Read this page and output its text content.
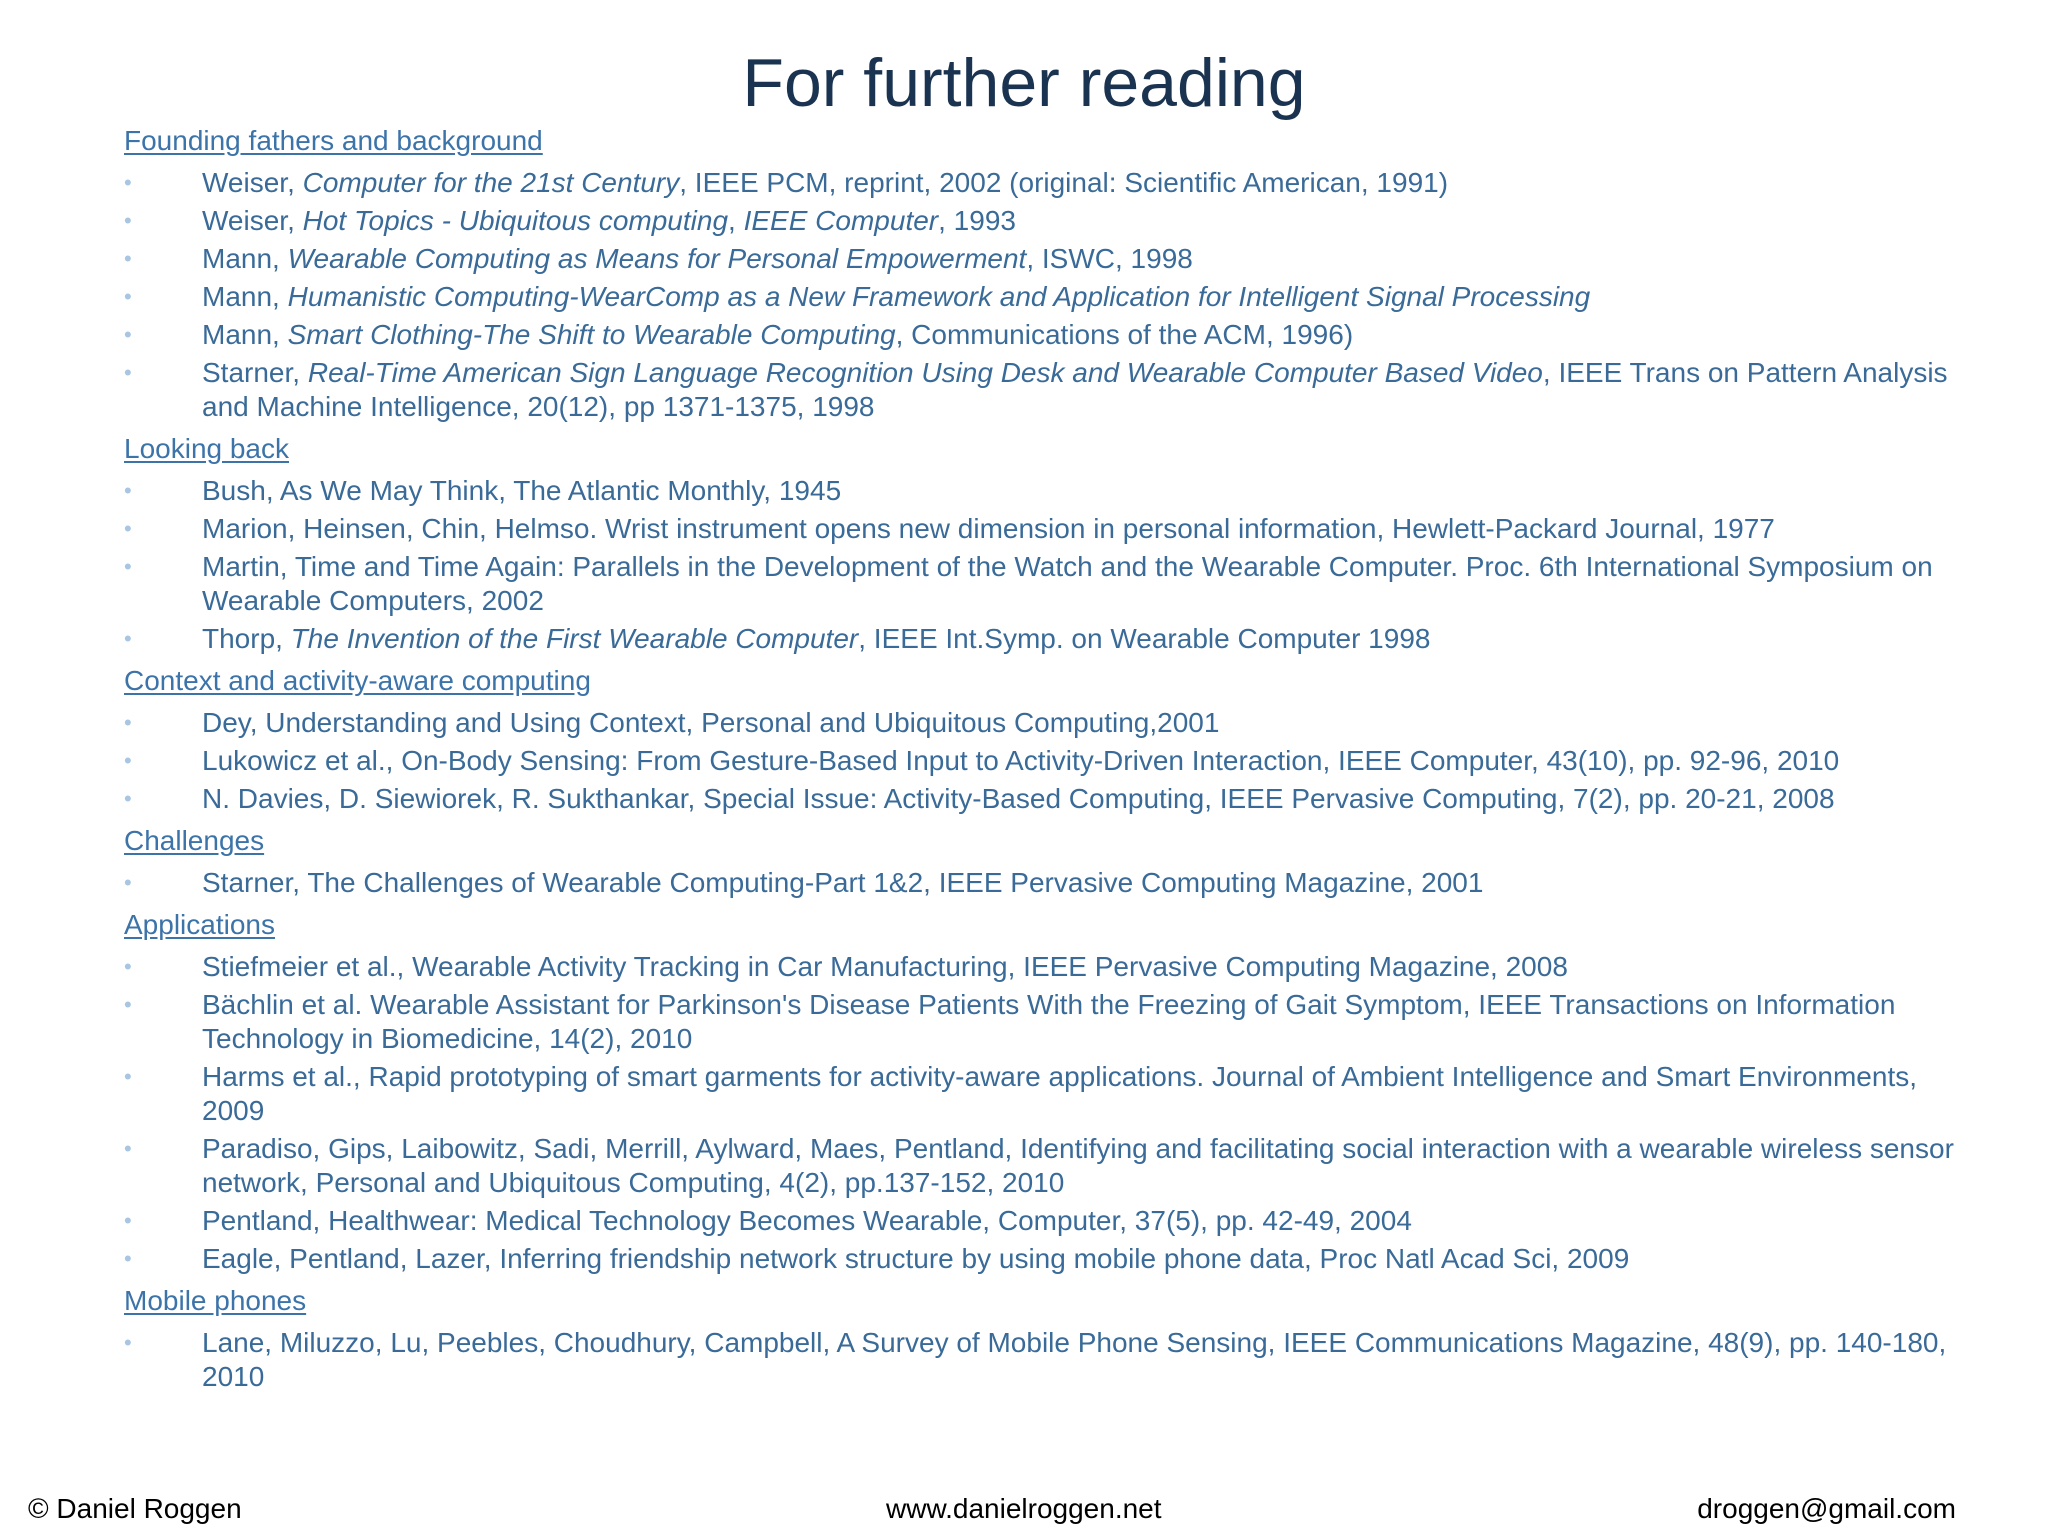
For further reading
Founding fathers and background
•	Weiser, Computer for the 21st Century, IEEE PCM, reprint, 2002 (original: Scientific American, 1991)
•	Weiser, Hot Topics - Ubiquitous computing, IEEE Computer, 1993
•	Mann, Wearable Computing as Means for Personal Empowerment, ISWC, 1998
•	Mann, Humanistic Computing-WearComp as a New Framework and Application for Intelligent Signal Processing
•	Mann, Smart Clothing-The Shift to Wearable Computing, Communications of the ACM, 1996)
•	Starner, Real-Time American Sign Language Recognition Using Desk and Wearable Computer Based Video, IEEE Trans on Pattern Analysis and Machine Intelligence, 20(12), pp 1371-1375, 1998
Looking back
•	Bush, As We May Think, The Atlantic Monthly, 1945
•	Marion, Heinsen, Chin, Helmso. Wrist instrument opens new dimension in personal information, Hewlett-Packard Journal, 1977
•	Martin, Time and Time Again: Parallels in the Development of the Watch and the Wearable Computer. Proc. 6th International Symposium on Wearable Computers, 2002
•	Thorp, The Invention of the First Wearable Computer, IEEE Int.Symp. on Wearable Computer 1998
Context and activity-aware computing
•	Dey, Understanding and Using Context, Personal and Ubiquitous Computing,2001
•	Lukowicz et al., On-Body Sensing: From Gesture-Based Input to Activity-Driven Interaction, IEEE Computer, 43(10), pp. 92-96, 2010
•	N. Davies, D. Siewiorek, R. Sukthankar, Special Issue: Activity-Based Computing, IEEE Pervasive Computing, 7(2), pp. 20-21, 2008
Challenges
•	Starner, The Challenges of Wearable Computing-Part 1&2, IEEE Pervasive Computing Magazine, 2001
Applications
•	Stiefmeier et al., Wearable Activity Tracking in Car Manufacturing, IEEE Pervasive Computing Magazine, 2008
•	Bächlin et al. Wearable Assistant for Parkinson's Disease Patients With the Freezing of Gait Symptom, IEEE Transactions on Information Technology in Biomedicine, 14(2), 2010
•	Harms et al., Rapid prototyping of smart garments for activity-aware applications. Journal of Ambient Intelligence and Smart Environments, 2009
•	Paradiso, Gips, Laibowitz, Sadi, Merrill, Aylward, Maes, Pentland, Identifying and facilitating social interaction with a wearable wireless sensor network, Personal and Ubiquitous Computing, 4(2), pp.137-152, 2010
•	Pentland, Healthwear: Medical Technology Becomes Wearable, Computer, 37(5), pp. 42-49, 2004
•	Eagle, Pentland, Lazer, Inferring friendship network structure by using mobile phone data, Proc Natl Acad Sci, 2009
Mobile phones
•	Lane, Miluzzo, Lu, Peebles, Choudhury, Campbell, A Survey of Mobile Phone Sensing, IEEE Communications Magazine, 48(9), pp. 140-180, 2010
© Daniel Roggen	www.danielroggen.net	droggen@gmail.com
